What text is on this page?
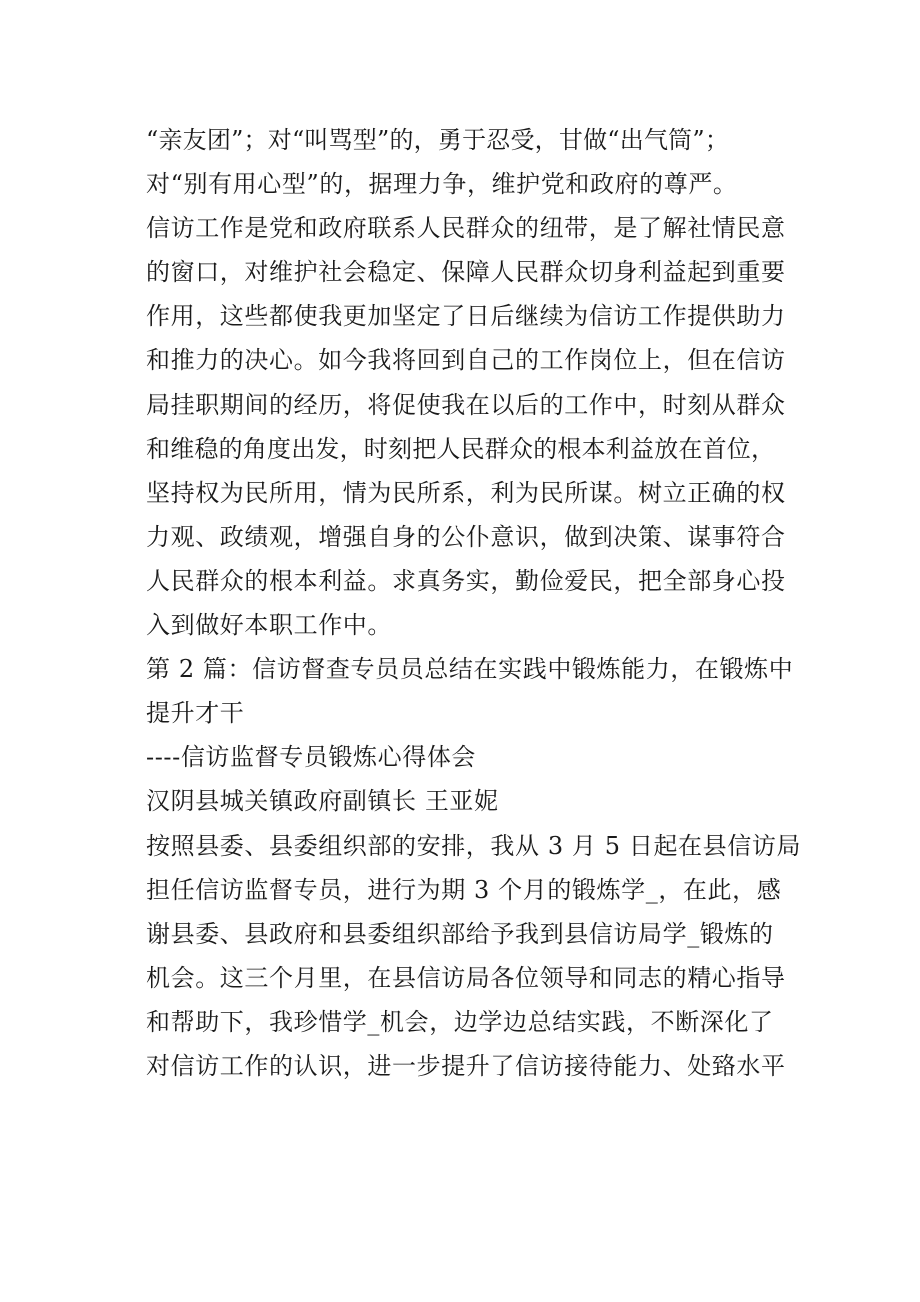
“亲友团”；对“叫骂型”的，勇于忍受，甘做“出气筒”；
对“别有用心型”的，据理力争，维护党和政府的尊严。
信访工作是党和政府联系人民群众的纽带，是了解社情民意
的窗口，对维护社会稳定、保障人民群众切身利益起到重要
作用，这些都使我更加坚定了日后继续为信访工作提供助力
和推力的决心。如今我将回到自己的工作岗位上，但在信访
局挂职期间的经历，将促使我在以后的工作中，时刻从群众
和维稳的角度出发，时刻把人民群众的根本利益放在首位，
坚持权为民所用，情为民所系，利为民所谋。树立正确的权
力观、政绩观，增强自身的公仆意识，做到决策、谋事符合
人民群众的根本利益。求真务实，勤俭爱民，把全部身心投
入到做好本职工作中。
第 2 篇：信访督查专员员总结在实践中锻炼能力，在锻炼中
提升才干
----信访监督专员锻炼心得体会
汉阴县城关镇政府副镇长 王亚妮
按照县委、县委组织部的安排，我从 3 月 5 日起在县信访局
担任信访监督专员，进行为期 3 个月的锻炼学_，在此，感
谢县委、县政府和县委组织部给予我到县信访局学_锻炼的
机会。这三个月里，在县信访局各位领导和同志的精心指导
和帮助下，我珍惜学_机会，边学边总结实践，不断深化了
对信访工作的认识，进一步提升了信访接待能力、处臵水平
